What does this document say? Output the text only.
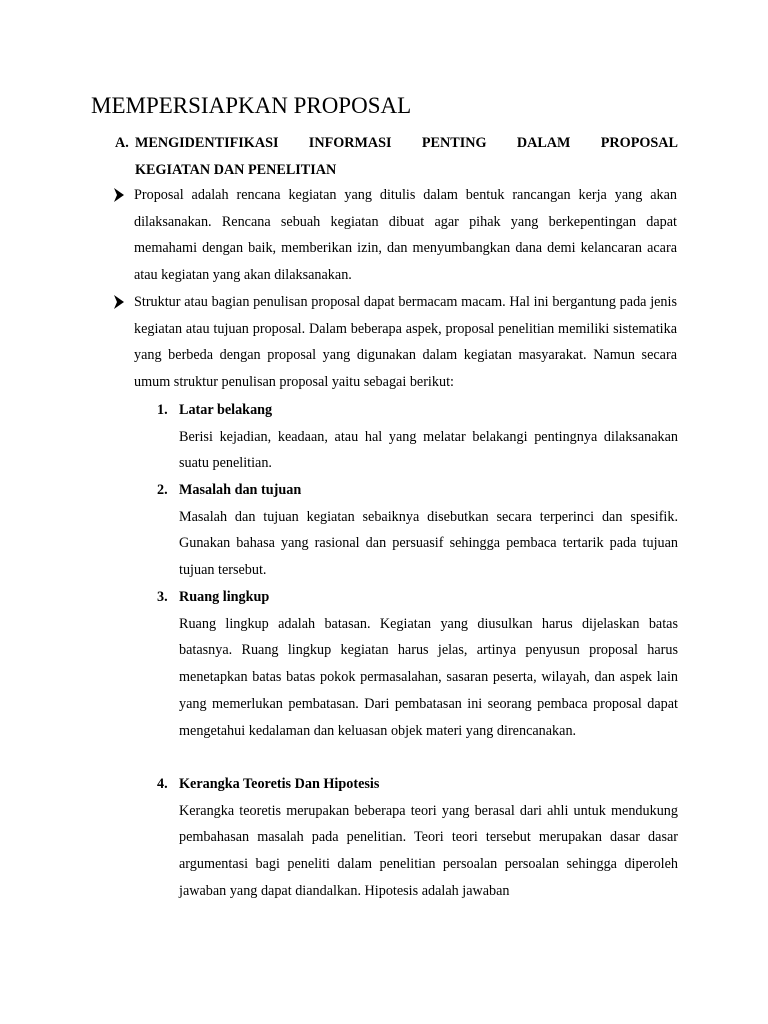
MEMPERSIAPKAN PROPOSAL
A. MENGIDENTIFIKASI INFORMASI PENTING DALAM PROPOSAL
KEGIATAN DAN PENELITIAN
Proposal adalah rencana kegiatan yang ditulis dalam bentuk rancangan kerja yang akan dilaksanakan. Rencana sebuah kegiatan dibuat agar pihak yang berkepentingan dapat memahami dengan baik, memberikan izin, dan menyumbangkan dana demi kelancaran acara atau kegiatan yang akan dilaksanakan.
Struktur atau bagian penulisan proposal dapat bermacam macam. Hal ini bergantung pada jenis kegiatan atau tujuan proposal. Dalam beberapa aspek, proposal penelitian memiliki sistematika yang berbeda dengan proposal yang digunakan dalam kegiatan masyarakat. Namun secara umum struktur penulisan proposal yaitu sebagai berikut:
1. Latar belakang
Berisi kejadian, keadaan, atau hal yang melatar belakangi pentingnya dilaksanakan suatu penelitian.
2. Masalah dan tujuan
Masalah dan tujuan kegiatan sebaiknya disebutkan secara terperinci dan spesifik. Gunakan bahasa yang rasional dan persuasif sehingga pembaca tertarik pada tujuan tujuan tersebut.
3. Ruang lingkup
Ruang lingkup adalah batasan. Kegiatan yang diusulkan harus dijelaskan batas batasnya. Ruang lingkup kegiatan harus jelas, artinya penyusun proposal harus menetapkan batas batas pokok permasalahan, sasaran peserta, wilayah, dan aspek lain yang memerlukan pembatasan. Dari pembatasan ini seorang pembaca proposal dapat mengetahui kedalaman dan keluasan objek materi yang direncanakan.
4. Kerangka Teoretis Dan Hipotesis
Kerangka teoretis merupakan beberapa teori yang berasal dari ahli untuk mendukung pembahasan masalah pada penelitian. Teori teori tersebut merupakan dasar dasar argumentasi bagi peneliti dalam penelitian persoalan persoalan sehingga diperoleh jawaban yang dapat diandalkan. Hipotesis adalah jawaban
